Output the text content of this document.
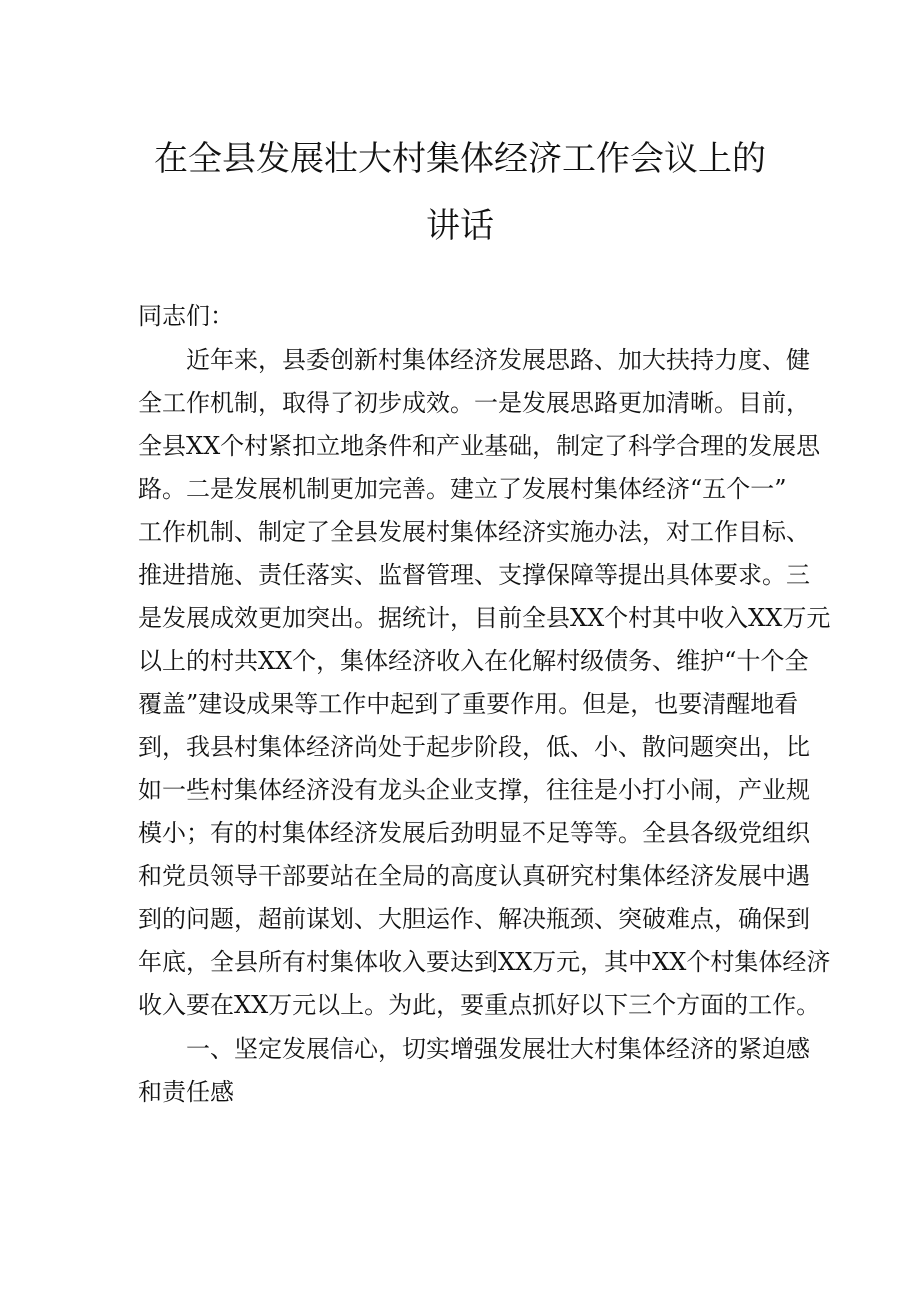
在全县发展壮大村集体经济工作会议上的
讲话
同志们：
　　近年来，县委创新村集体经济发展思路、加大扶持力度、健
全工作机制，取得了初步成效。一是发展思路更加清晰。目前，
全县XX个村紧扣立地条件和产业基础，制定了科学合理的发展思
路。二是发展机制更加完善。建立了发展村集体经济“五个一”
工作机制、制定了全县发展村集体经济实施办法，对工作目标、
推进措施、责任落实、监督管理、支撑保障等提出具体要求。三
是发展成效更加突出。据统计，目前全县XX个村其中收入XX万元
以上的村共XX个，集体经济收入在化解村级债务、维护“十个全
覆盖”建设成果等工作中起到了重要作用。但是，也要清醒地看
到，我县村集体经济尚处于起步阶段，低、小、散问题突出，比
如一些村集体经济没有龙头企业支撑，往往是小打小闹，产业规
模小；有的村集体经济发展后劲明显不足等等。全县各级党组织
和党员领导干部要站在全局的高度认真研究村集体经济发展中遇
到的问题，超前谋划、大胆运作、解决瓶颈、突破难点，确保到
年底，全县所有村集体收入要达到XX万元，其中XX个村集体经济
收入要在XX万元以上。为此，要重点抓好以下三个方面的工作。
　　一、坚定发展信心，切实增强发展壮大村集体经济的紧迫感
和责任感
